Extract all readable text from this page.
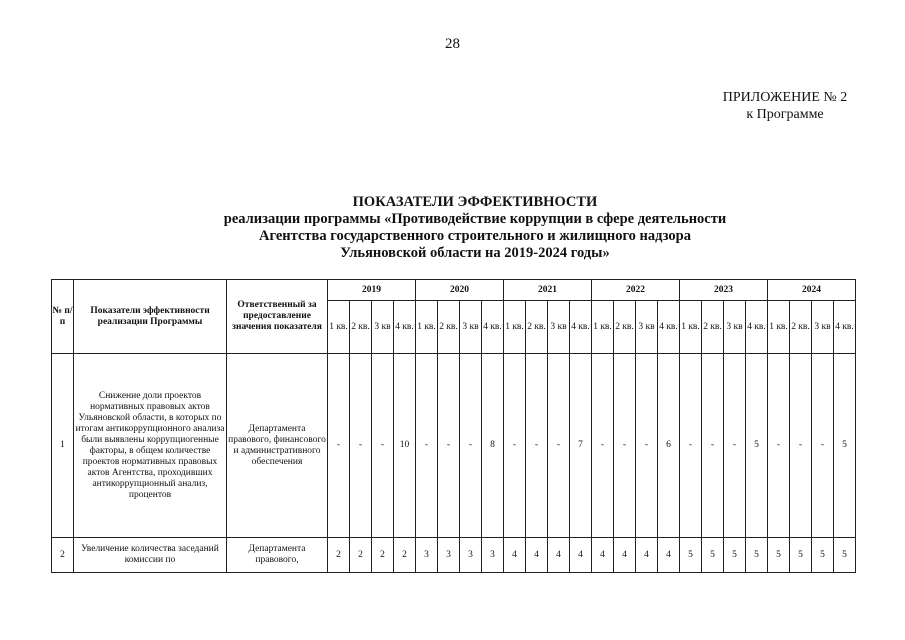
28
ПРИЛОЖЕНИЕ № 2
к Программе
ПОКАЗАТЕЛИ ЭФФЕКТИВНОСТИ
реализации программы «Противодействие коррупции в сфере деятельности
Агентства государственного строительного и жилищного надзора
Ульяновской области на 2019-2024 годы»
№ п/ п	Показатели эффективности реализации Программы	Ответственный за предоставление значения показателя	2019				2020				2021				2022				2023				2024			
			1 кв.	2 кв.	3 кв	4 кв.	1 кв.	2 кв.	3 кв	4 кв.	1 кв.	2 кв.	3 кв	4 кв.	1 кв.	2 кв.	3 кв	4 кв.	1 кв.	2 кв.	3 кв	4 кв.	1 кв.	2 кв.	3 кв	4 кв.
1	Снижение доли проектов нормативных правовых актов Ульяновской области, в которых по итогам антикоррупционного анализа были выявлены коррупциогенные факторы, в общем количестве проектов нормативных правовых актов Агентства, проходивших антикоррупционный анализ, процентов	Департамента правового, финансового и административного обеспечения	-	-	-	10	-	-	-	8	-	-	-	7	-	-	-	6	-	-	-	5	-	-	-	5
2	Увеличение количества заседаний комиссии по	Департамента правового,	2	2	2	2	3	3	3	3	4	4	4	4	4	4	4	4	5	5	5	5	5	5	5	5
